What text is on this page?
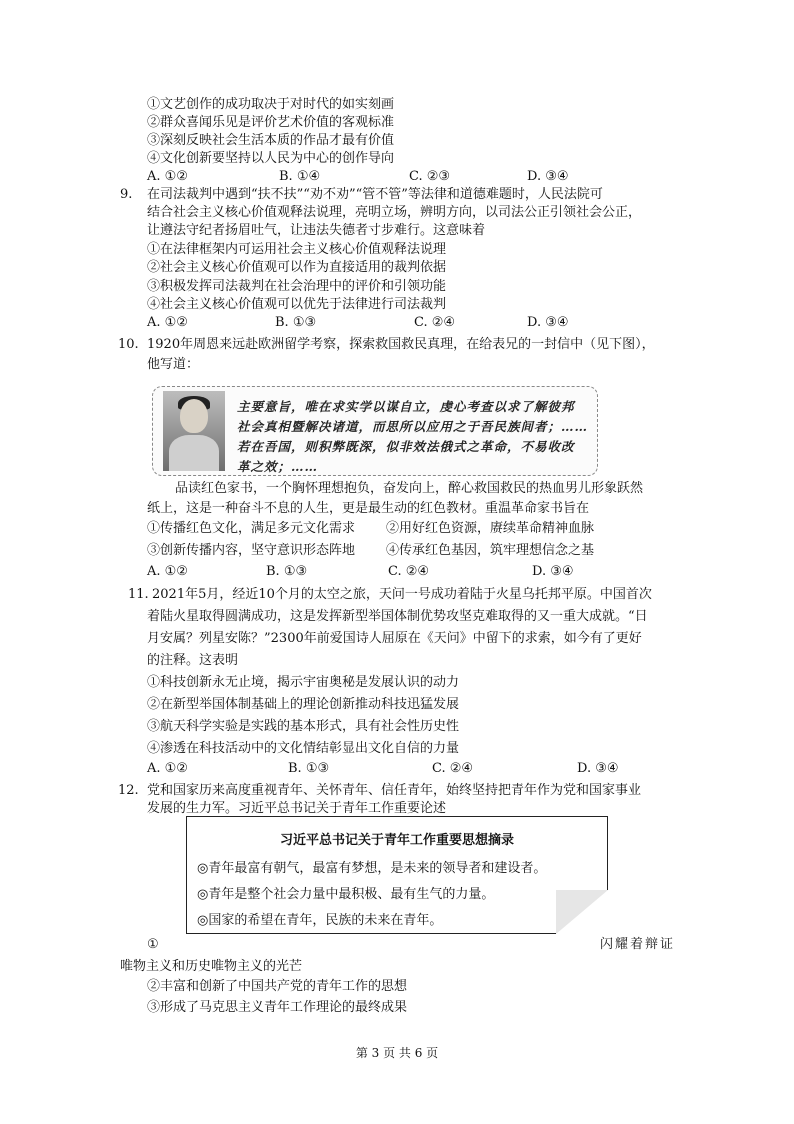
①文艺创作的成功取决于对时代的如实刻画
②群众喜闻乐见是评价艺术价值的客观标准
③深刻反映社会生活本质的作品才最有价值
④文化创新要坚持以人民为中心的创作导向
A. ①②	B. ①④	C. ②③	D. ③④
9. 在司法裁判中遇到“扶不扶”“劝不劝”“管不管”等法律和道德难题时，人民法院可
结合社会主义核心价值观释法说理，亮明立场，辨明方向，以司法公正引领社会公正，
让遵法守纪者扬眉吐气，让违法失德者寸步难行。这意味着
①在法律框架内可运用社会主义核心价值观释法说理
②社会主义核心价值观可以作为直接适用的裁判依据
③积极发挥司法裁判在社会治理中的评价和引领功能
④社会主义核心价值观可以优先于法律进行司法裁判
A. ①②	B. ①③	C. ②④	D. ③④
10. 1920年周恩来远赴欧洲留学考察，探索救国救民真理，在给表兄的一封信中（见下图），
他写道：
主要意旨，唯在求实学以谋自立，虔心考查以求了解彼邦
社会真相暨解决诸道，而思所以应用之于吾民族间者；……
若在吾国，则积弊既深，似非效法俄式之革命，不易收改
革之效；……
品读红色家书，一个胸怀理想抱负，奋发向上，醉心救国救民的热血男儿形象跃然
纸上，这是一种奋斗不息的人生，更是最生动的红色教材。重温革命家书旨在
①传播红色文化，满足多元文化需求 ②用好红色资源，赓续革命精神血脉
③创新传播内容，坚守意识形态阵地 ④传承红色基因，筑牢理想信念之基
A. ①②	B. ①③	C. ②④	D. ③④
11. 2021年5月，经近10个月的太空之旅，天问一号成功着陆于火星乌托邦平原。中国首次
着陆火星取得圆满成功，这是发挥新型举国体制优势攻坚克难取得的又一重大成就。“日
月安属？列星安陈？”2300年前爱国诗人屈原在《天问》中留下的求索，如今有了更好
的注释。这表明
①科技创新永无止境，揭示宇宙奥秘是发展认识的动力
②在新型举国体制基础上的理论创新推动科技迅猛发展
③航天科学实验是实践的基本形式，具有社会性历史性
④渗透在科技活动中的文化情结彰显出文化自信的力量
A. ①②	B. ①③	C. ②④	D. ③④
12. 党和国家历来高度重视青年、关怀青年、信任青年，始终坚持把青年作为党和国家事业
发展的生力军。习近平总书记关于青年工作重要论述
习近平总书记关于青年工作重要思想摘录
◎青年最富有朝气，最富有梦想，是未来的领导者和建设者。
◎青年是整个社会力量中最积极、最有生气的力量。
◎国家的希望在青年，民族的未来在青年。
①	闪耀着辩证
唯物主义和历史唯物主义的光芒
②丰富和创新了中国共产党的青年工作的思想
③形成了马克思主义青年工作理论的最终成果
第 3 页 共 6 页
